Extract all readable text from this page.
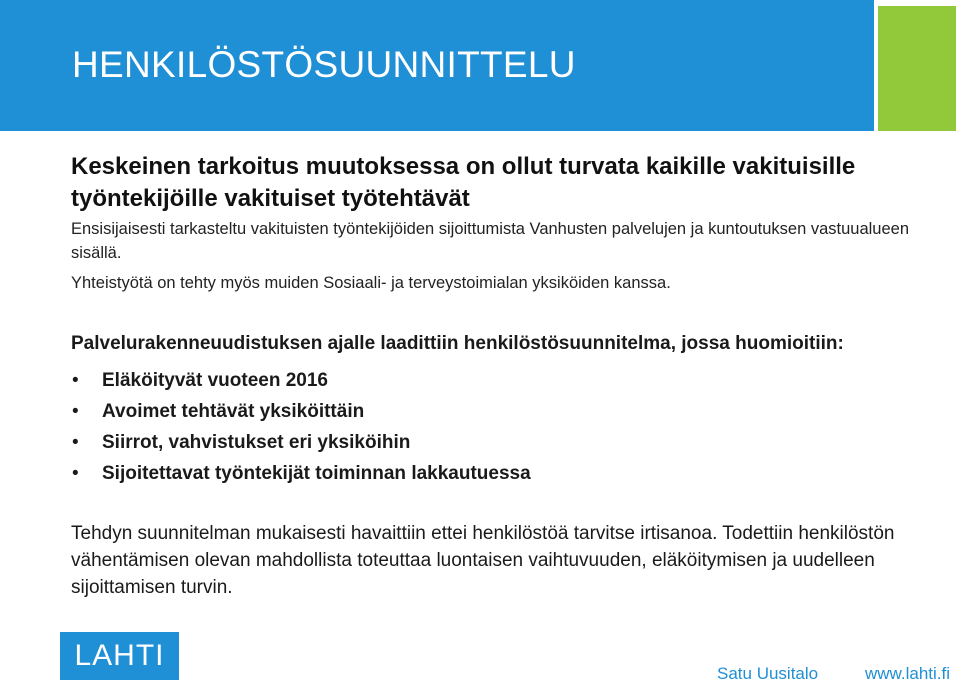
HENKILÖSTÖSUUNNITTELU

Keskeinen tarkoitus muutoksessa on ollut turvata kaikille vakituisille työntekijöille vakituiset työtehtävät

Ensisijaisesti tarkasteltu vakituisten työntekijöiden sijoittumista Vanhusten palvelujen ja kuntoutuksen vastuualueen sisällä.

Yhteistyötä on tehty myös muiden Sosiaali- ja terveystoimialan yksiköiden kanssa.

Palvelurakenneuudistuksen ajalle laadittiin henkilöstösuunnitelma, jossa huomioitiin:

• Eläköityvät vuoteen 2016
• Avoimet tehtävät yksiköittäin
• Siirrot, vahvistukset eri yksiköihin
• Sijoitettavat työntekijät toiminnan lakkautuessa

Tehdyn suunnitelman mukaisesti havaittiin ettei henkilöstöä tarvitse irtisanoa. Todettiin henkilöstön vähentämisen olevan mahdollista toteuttaa luontaisen vaihtuvuuden, eläköitymisen ja uudelleen sijoittamisen turvin.

LAHTI
Satu Uusitalo	www.lahti.fi
